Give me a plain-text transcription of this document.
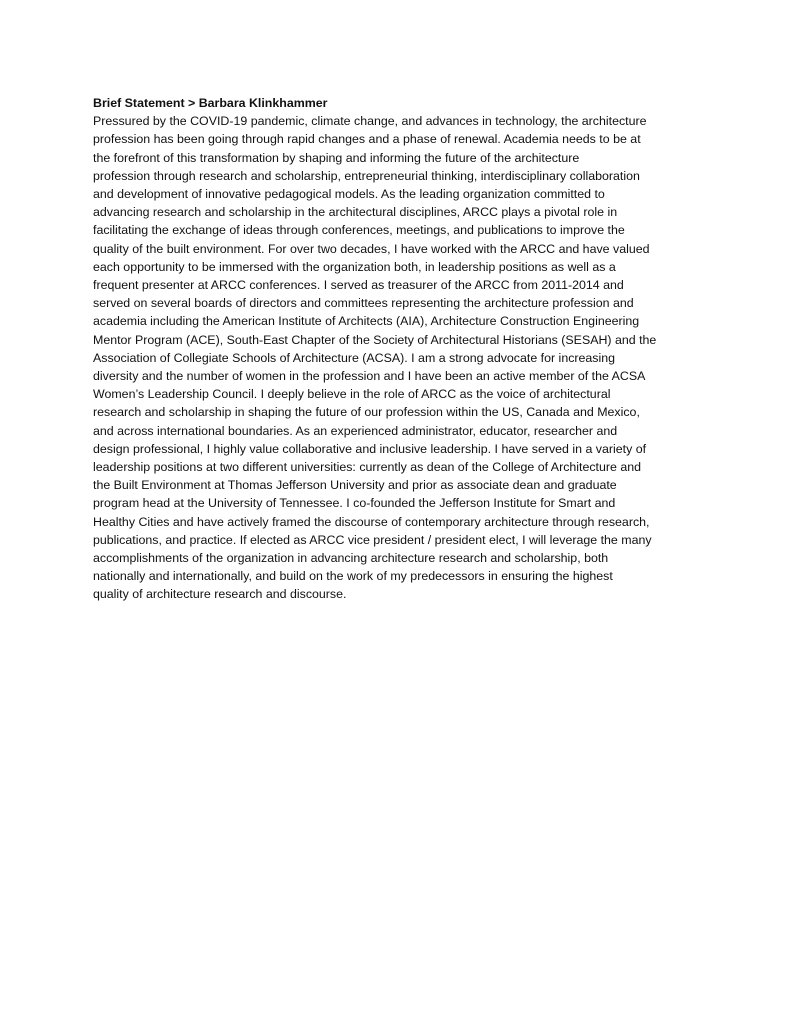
Brief Statement > Barbara Klinkhammer

Pressured by the COVID-19 pandemic, climate change, and advances in technology, the architecture
profession has been going through rapid changes and a phase of renewal. Academia needs to be at
the forefront of this transformation by shaping and informing the future of the architecture
profession through research and scholarship, entrepreneurial thinking, interdisciplinary collaboration
and development of innovative pedagogical models. As the leading organization committed to
advancing research and scholarship in the architectural disciplines, ARCC plays a pivotal role in
facilitating the exchange of ideas through conferences, meetings, and publications to improve the
quality of the built environment. For over two decades, I have worked with the ARCC and have valued
each opportunity to be immersed with the organization both, in leadership positions as well as a
frequent presenter at ARCC conferences. I served as treasurer of the ARCC from 2011-2014 and
served on several boards of directors and committees representing the architecture profession and
academia including the American Institute of Architects (AIA), Architecture Construction Engineering
Mentor Program (ACE), South-East Chapter of the Society of Architectural Historians (SESAH) and the
Association of Collegiate Schools of Architecture (ACSA). I am a strong advocate for increasing
diversity and the number of women in the profession and I have been an active member of the ACSA
Women’s Leadership Council. I deeply believe in the role of ARCC as the voice of architectural
research and scholarship in shaping the future of our profession within the US, Canada and Mexico,
and across international boundaries. As an experienced administrator, educator, researcher and
design professional, I highly value collaborative and inclusive leadership. I have served in a variety of
leadership positions at two different universities: currently as dean of the College of Architecture and
the Built Environment at Thomas Jefferson University and prior as associate dean and graduate
program head at the University of Tennessee. I co-founded the Jefferson Institute for Smart and
Healthy Cities and have actively framed the discourse of contemporary architecture through research,
publications, and practice. If elected as ARCC vice president / president elect, I will leverage the many
accomplishments of the organization in advancing architecture research and scholarship, both
nationally and internationally, and build on the work of my predecessors in ensuring the highest
quality of architecture research and discourse.
